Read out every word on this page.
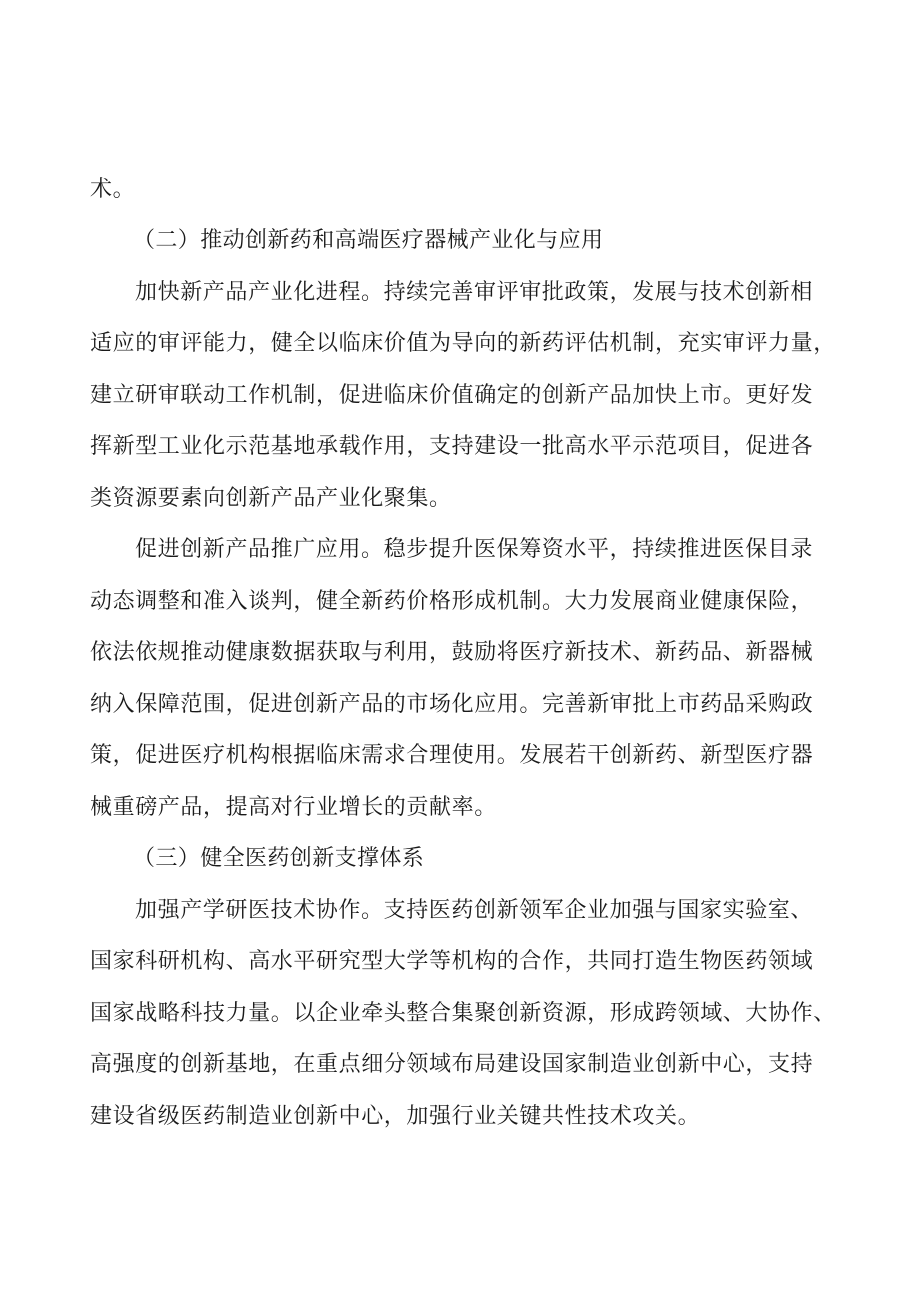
术。
（二）推动创新药和高端医疗器械产业化与应用
加快新产品产业化进程。持续完善审评审批政策，发展与技术创新相
适应的审评能力，健全以临床价值为导向的新药评估机制，充实审评力量，
建立研审联动工作机制，促进临床价值确定的创新产品加快上市。更好发
挥新型工业化示范基地承载作用，支持建设一批高水平示范项目，促进各
类资源要素向创新产品产业化聚集。
促进创新产品推广应用。稳步提升医保筹资水平，持续推进医保目录
动态调整和准入谈判，健全新药价格形成机制。大力发展商业健康保险，
依法依规推动健康数据获取与利用，鼓励将医疗新技术、新药品、新器械
纳入保障范围，促进创新产品的市场化应用。完善新审批上市药品采购政
策，促进医疗机构根据临床需求合理使用。发展若干创新药、新型医疗器
械重磅产品，提高对行业增长的贡献率。
（三）健全医药创新支撑体系
加强产学研医技术协作。支持医药创新领军企业加强与国家实验室、
国家科研机构、高水平研究型大学等机构的合作，共同打造生物医药领域
国家战略科技力量。以企业牵头整合集聚创新资源，形成跨领域、大协作、
高强度的创新基地，在重点细分领域布局建设国家制造业创新中心，支持
建设省级医药制造业创新中心，加强行业关键共性技术攻关。
